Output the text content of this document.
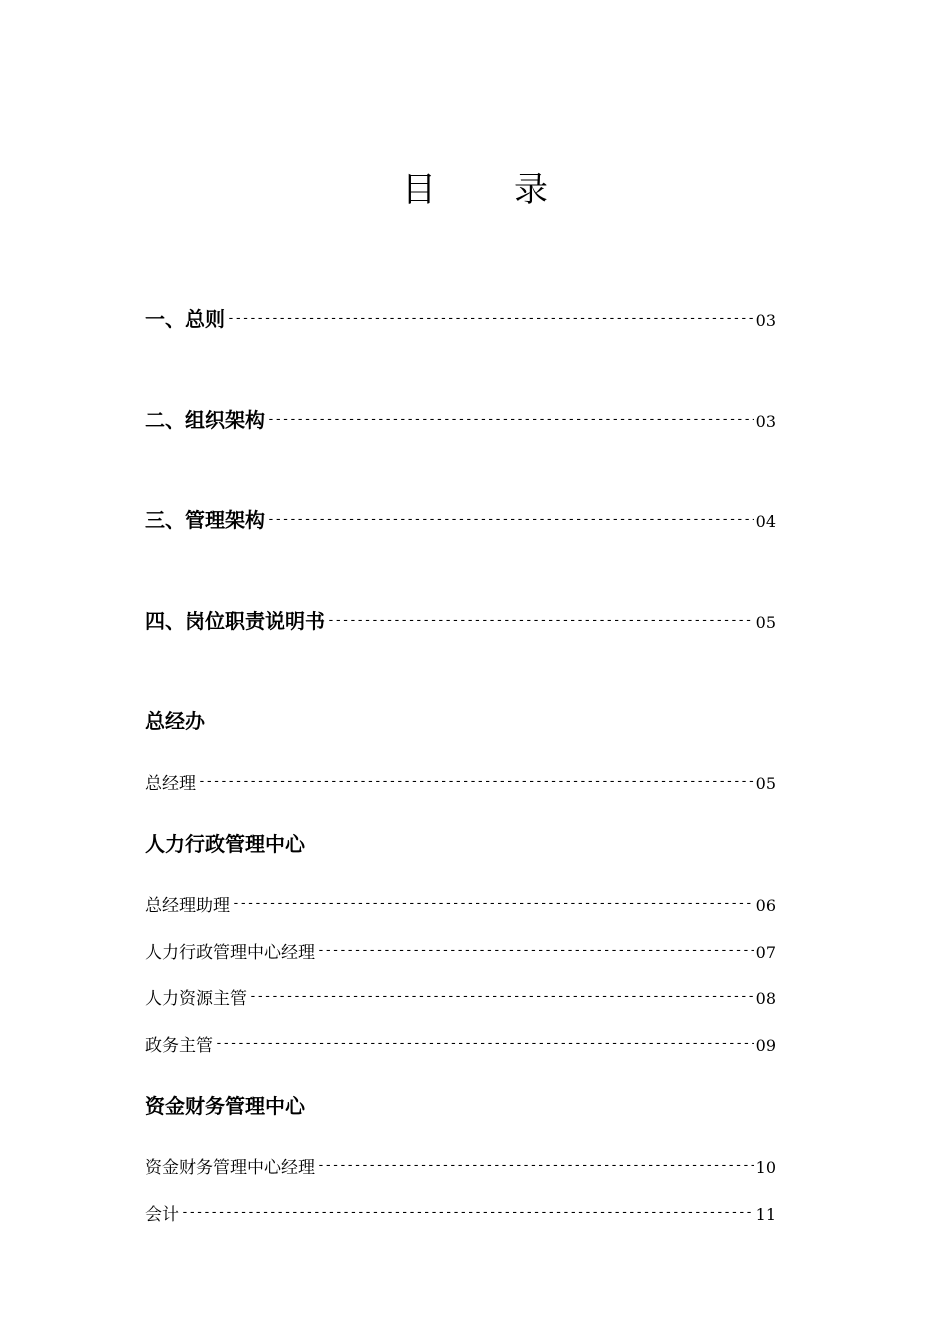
目 录
一、总则 -----	03
二、组织架构 -----	03
三、管理架构 -----	04
四、岗位职责说明书 -----	05
总经办
总经理 -----	05
人力行政管理中心
总经理助理 -----	06
人力行政管理中心经理 -----	07
人力资源主管 -----	08
政务主管 -----	09
资金财务管理中心
资金财务管理中心经理 -----	10
会计 -----	11
